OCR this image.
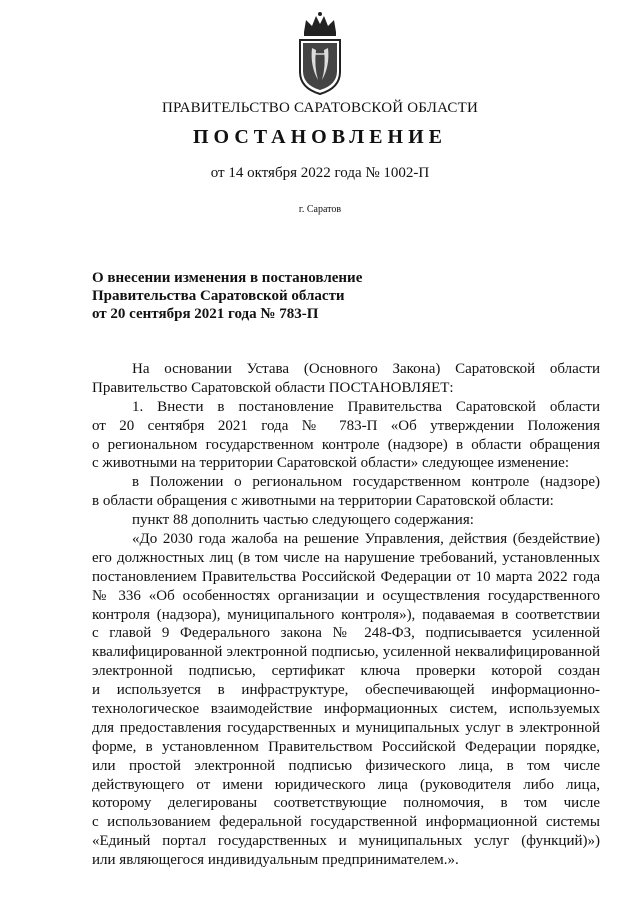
ПРАВИТЕЛЬСТВО САРАТОВСКОЙ ОБЛАСТИ
ПОСТАНОВЛЕНИЕ
от 14 октября 2022 года № 1002-П
г. Саратов
О внесении изменения в постановление
Правительства Саратовской области
от 20 сентября 2021 года № 783-П
На основании Устава (Основного Закона) Саратовской области
Правительство Саратовской области ПОСТАНОВЛЯЕТ:
1. Внести в постановление Правительства Саратовской области
от 20 сентября 2021 года № 783-П «Об утверждении Положения
о региональном государственном контроле (надзоре) в области обращения
с животными на территории Саратовской области» следующее изменение:
в Положении о региональном государственном контроле (надзоре)
в области обращения с животными на территории Саратовской области:
пункт 88 дополнить частью следующего содержания:
«До 2030 года жалоба на решение Управления, действия (бездействие)
его должностных лиц (в том числе на нарушение требований, установленных
постановлением Правительства Российской Федерации от 10 марта 2022 года
№ 336 «Об особенностях организации и осуществления государственного
контроля (надзора), муниципального контроля»), подаваемая в соответствии
с главой 9 Федерального закона № 248-ФЗ, подписывается усиленной
квалифицированной электронной подписью, усиленной неквалифицированной
электронной подписью, сертификат ключа проверки которой создан
и используется в инфраструктуре, обеспечивающей информационно-
технологическое взаимодействие информационных систем, используемых
для предоставления государственных и муниципальных услуг в электронной
форме, в установленном Правительством Российской Федерации порядке,
или простой электронной подписью физического лица, в том числе
действующего от имени юридического лица (руководителя либо лица,
которому делегированы соответствующие полномочия, в том числе
с использованием федеральной государственной информационной системы
«Единый портал государственных и муниципальных услуг (функций)»)
или являющегося индивидуальным предпринимателем.».
